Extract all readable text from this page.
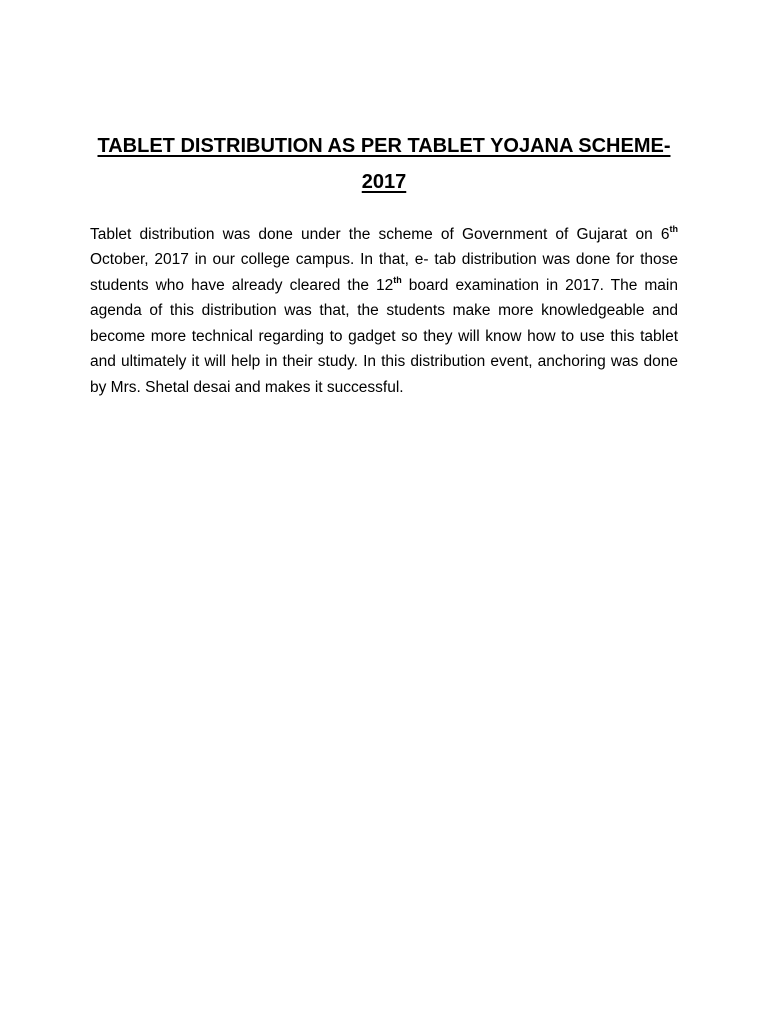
TABLET DISTRIBUTION AS PER TABLET YOJANA SCHEME-
2017

Tablet distribution was done under the scheme of Government of Gujarat on 6th October, 2017 in our college campus. In that, e- tab distribution was done for those students who have already cleared the 12th board examination in 2017. The main agenda of this distribution was that, the students make more knowledgeable and become more technical regarding to gadget so they will know how to use this tablet and ultimately it will help in their study. In this distribution event, anchoring was done by Mrs. Shetal desai and makes it successful.
